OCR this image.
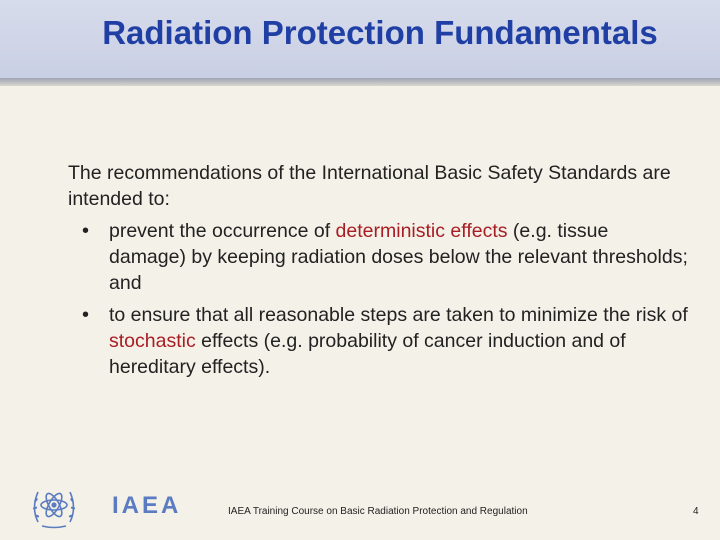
Radiation Protection Fundamentals

The recommendations of the International Basic Safety Standards are intended to:

• prevent the occurrence of deterministic effects (e.g. tissue damage) by keeping radiation doses below the relevant thresholds; and
• to ensure that all reasonable steps are taken to minimize the risk of stochastic effects (e.g. probability of cancer induction and of hereditary effects).
IAEA	IAEA Training Course on Basic Radiation Protection and Regulation	4
